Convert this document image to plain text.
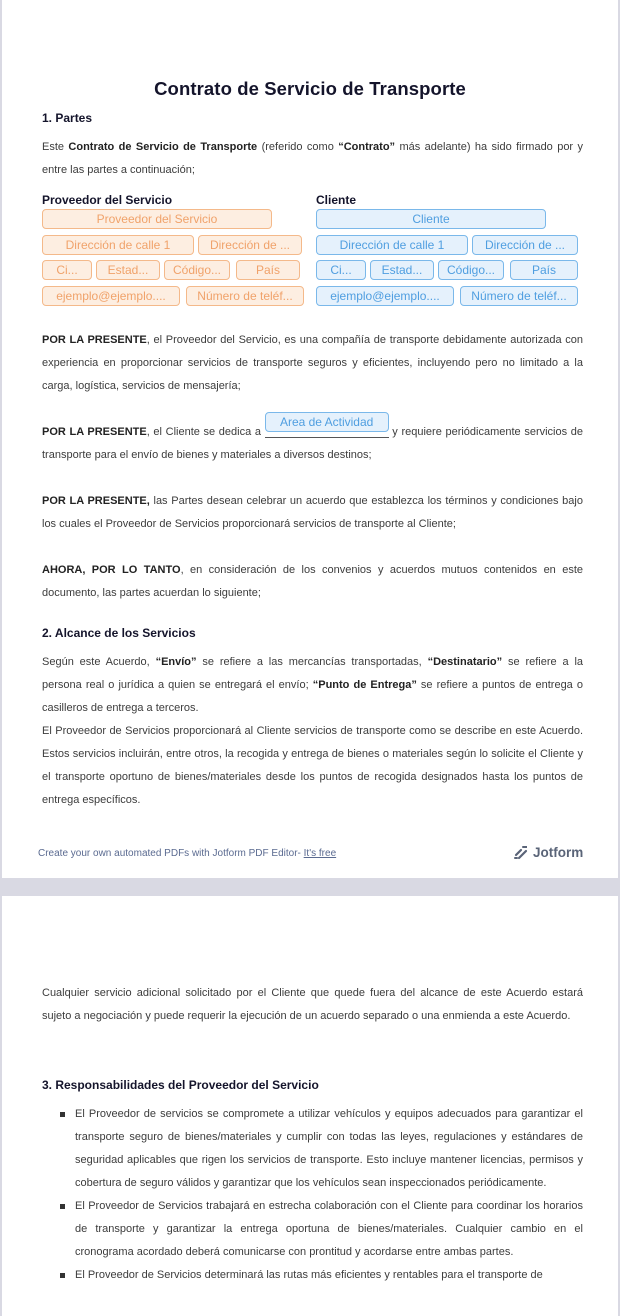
Contrato de Servicio de Transporte
1. Partes
Este Contrato de Servicio de Transporte (referido como “Contrato” más adelante) ha sido firmado por y entre las partes a continuación;
Proveedor del Servicio	Cliente
Proveedor del Servicio
Dirección de calle 1	Dirección de ...
Ci... Estad... Código...	País
ejemplo@ejemplo....	Número de teléf...
Cliente
Dirección de calle 1	Dirección de ...
Ci... Estad... Código...	País
ejemplo@ejemplo....	Número de teléf...
POR LA PRESENTE, el Proveedor del Servicio, es una compañía de transporte debidamente autorizada con experiencia en proporcionar servicios de transporte seguros y eficientes, incluyendo pero no limitado a la carga, logística, servicios de mensajería;
POR LA PRESENTE, el Cliente se dedica a
Area de Actividad
y requiere periódicamente servicios de transporte para el envío de bienes y materiales a diversos destinos;
POR LA PRESENTE, las Partes desean celebrar un acuerdo que establezca los términos y condiciones bajo los cuales el Proveedor de Servicios proporcionará servicios de transporte al Cliente;
AHORA, POR LO TANTO, en consideración de los convenios y acuerdos mutuos contenidos en este documento, las partes acuerdan lo siguiente;
2. Alcance de los Servicios
Según este Acuerdo, “Envío” se refiere a las mercancías transportadas, “Destinatario” se refiere a la persona real o jurídica a quien se entregará el envío; “Punto de Entrega” se refiere a puntos de entrega o casilleros de entrega a terceros.
El Proveedor de Servicios proporcionará al Cliente servicios de transporte como se describe en este Acuerdo. Estos servicios incluirán, entre otros, la recogida y entrega de bienes o materiales según lo solicite el Cliente y el transporte oportuno de bienes/materiales desde los puntos de recogida designados hasta los puntos de entrega específicos.
Create your own automated PDFs with Jotform PDF Editor- It's free	Jotform
Cualquier servicio adicional solicitado por el Cliente que quede fuera del alcance de este Acuerdo estará sujeto a negociación y puede requerir la ejecución de un acuerdo separado o una enmienda a este Acuerdo.
3. Responsabilidades del Proveedor del Servicio
El Proveedor de servicios se compromete a utilizar vehículos y equipos adecuados para garantizar el transporte seguro de bienes/materiales y cumplir con todas las leyes, regulaciones y estándares de seguridad aplicables que rigen los servicios de transporte. Esto incluye mantener licencias, permisos y cobertura de seguro válidos y garantizar que los vehículos sean inspeccionados periódicamente.
El Proveedor de Servicios trabajará en estrecha colaboración con el Cliente para coordinar los horarios de transporte y garantizar la entrega oportuna de bienes/materiales. Cualquier cambio en el cronograma acordado deberá comunicarse con prontitud y acordarse entre ambas partes.
El Proveedor de Servicios determinará las rutas más eficientes y rentables para el transporte de
